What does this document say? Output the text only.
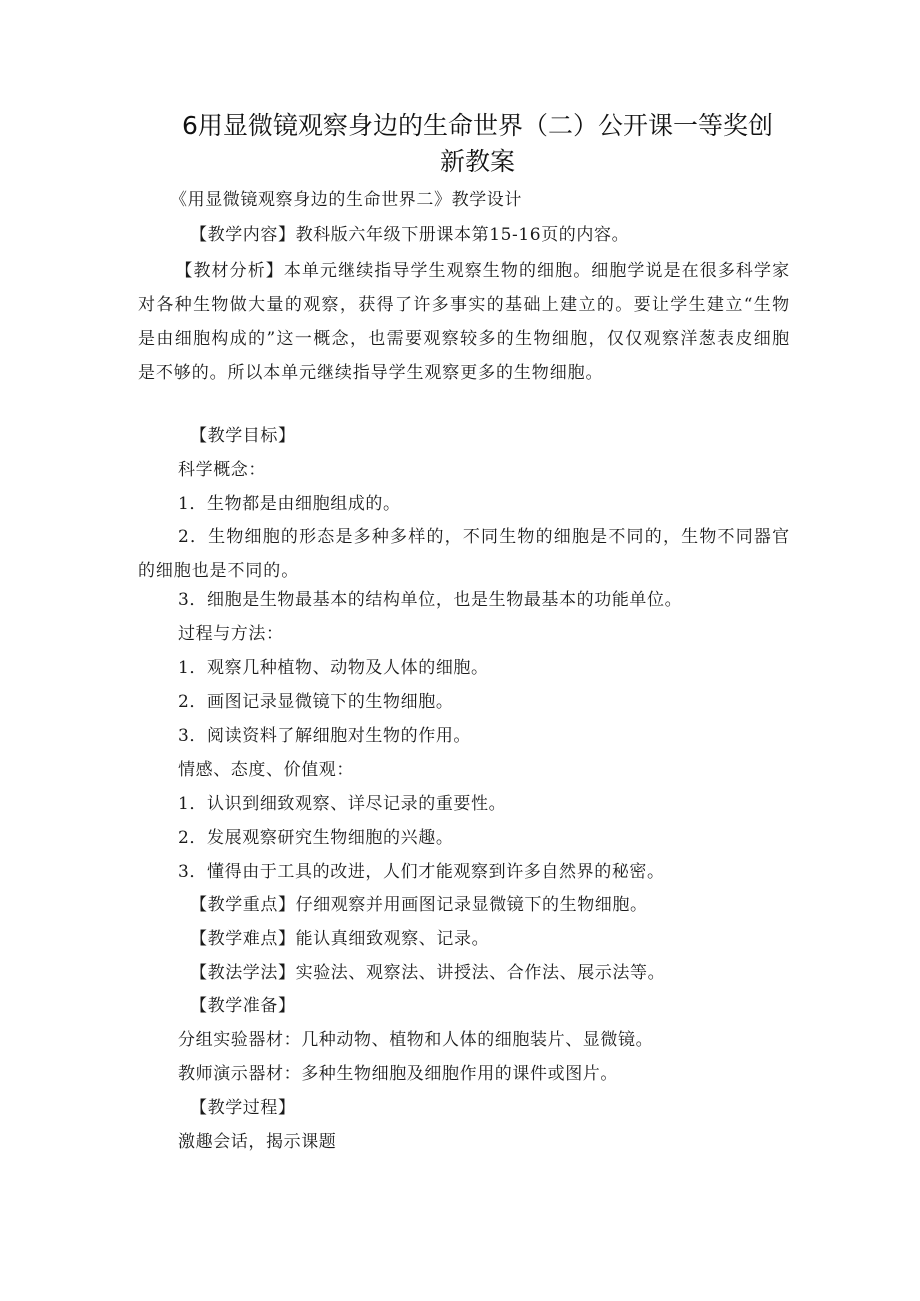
6用显微镜观察身边的生命世界（二）公开课一等奖创新教案
《用显微镜观察身边的生命世界二》教学设计
【教学内容】教科版六年级下册课本第15-16页的内容。
【教材分析】本单元继续指导学生观察生物的细胞。细胞学说是在很多科学家对各种生物做大量的观察，获得了许多事实的基础上建立的。要让学生建立“生物是由细胞构成的”这一概念，也需要观察较多的生物细胞，仅仅观察洋葱表皮细胞是不够的。所以本单元继续指导学生观察更多的生物细胞。
【教学目标】
科学概念：
1．生物都是由细胞组成的。
2．生物细胞的形态是多种多样的，不同生物的细胞是不同的，生物不同器官的细胞也是不同的。
3．细胞是生物最基本的结构单位，也是生物最基本的功能单位。
过程与方法：
1．观察几种植物、动物及人体的细胞。
2．画图记录显微镜下的生物细胞。
3．阅读资料了解细胞对生物的作用。
情感、态度、价值观：
1．认识到细致观察、详尽记录的重要性。
2．发展观察研究生物细胞的兴趣。
3．懂得由于工具的改进，人们才能观察到许多自然界的秘密。
【教学重点】仔细观察并用画图记录显微镜下的生物细胞。
【教学难点】能认真细致观察、记录。
【教法学法】实验法、观察法、讲授法、合作法、展示法等。
【教学准备】
分组实验器材：几种动物、植物和人体的细胞装片、显微镜。
教师演示器材：多种生物细胞及细胞作用的课件或图片。
【教学过程】
激趣会话，揭示课题
